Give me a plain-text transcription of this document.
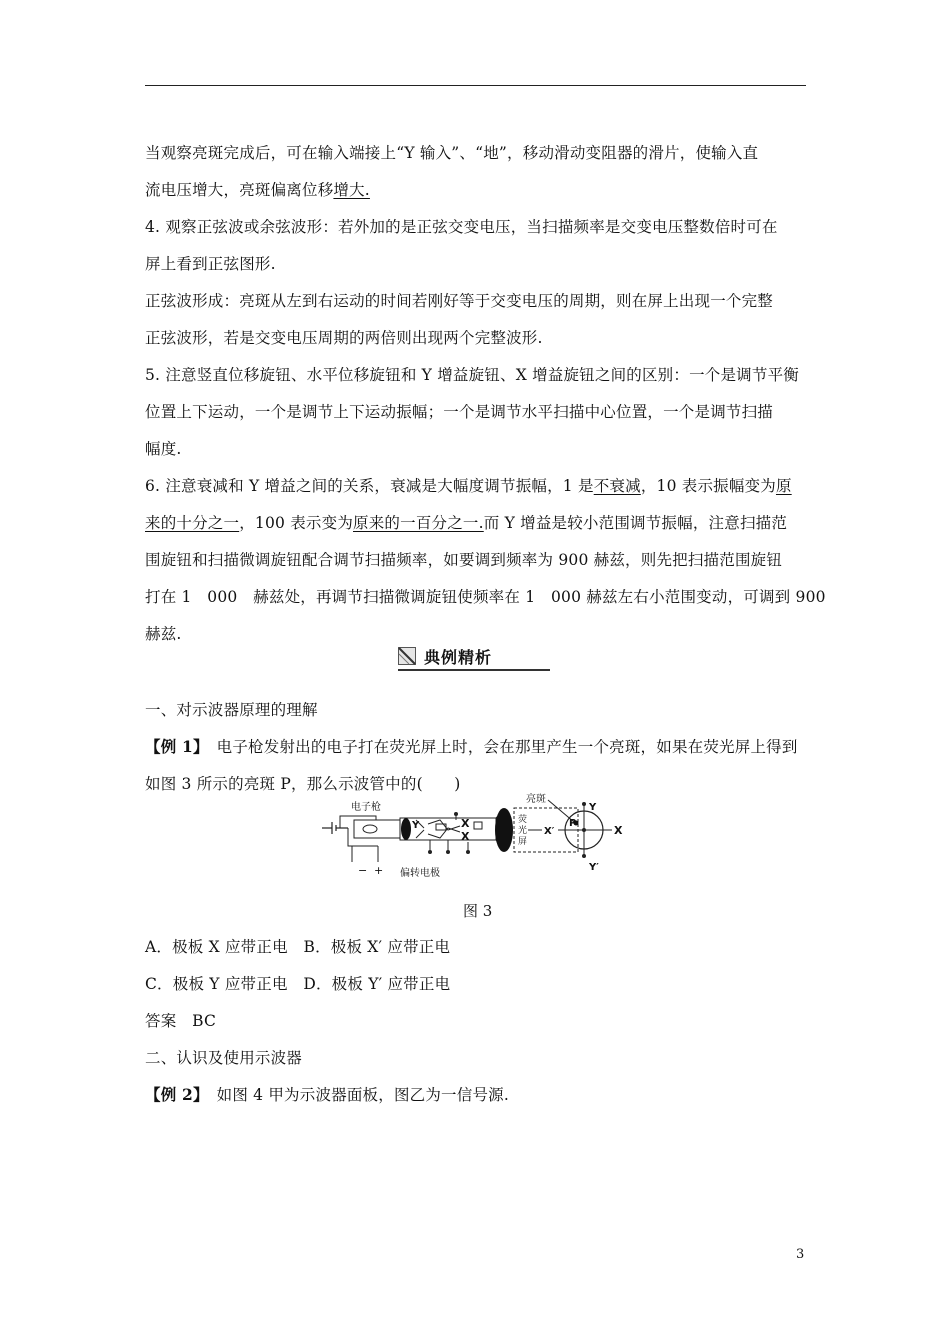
当观察亮斑完成后，可在输入端接上“Y 输入”、“地”，移动滑动变阻器的滑片，使输入直
流电压增大，亮斑偏离位移增大.
4. 观察正弦波或余弦波形：若外加的是正弦交变电压，当扫描频率是交变电压整数倍时可在
屏上看到正弦图形.
正弦波形成：亮斑从左到右运动的时间若刚好等于交变电压的周期，则在屏上出现一个完整
正弦波形，若是交变电压周期的两倍则出现两个完整波形.
5. 注意竖直位移旋钮、水平位移旋钮和 Y 增益旋钮、X 增益旋钮之间的区别：一个是调节平衡
位置上下运动，一个是调节上下运动振幅；一个是调节水平扫描中心位置，一个是调节扫描
幅度.
6. 注意衰减和 Y 增益之间的关系，衰减是大幅度调节振幅，1 是不衰减，10 表示振幅变为原
来的十分之一，100 表示变为原来的一百分之一.而 Y 增益是较小范围调节振幅，注意扫描范
围旋钮和扫描微调旋钮配合调节扫描频率，如要调到频率为 900 赫兹，则先把扫描范围旋钮
打在 1　000　赫兹处，再调节扫描微调旋钮使频率在 1　000 赫兹左右小范围变动，可调到 900
赫兹.
典例精析
一、对示波器原理的理解
【例 1】　 电子枪发射出的电子打在荧光屏上时，会在那里产生一个亮斑，如果在荧光屏上得到
如图 3 所示的亮斑 P，那么示波管中的(　　)
电子枪
Y	X
X
荧
光
屏
X′
亮斑
P
Y
Y′
X
− + 偏转电极
图 3
A．极板 X 应带正电　B．极板 X′ 应带正电
C．极板 Y 应带正电　D．极板 Y′ 应带正电
答案　BC
二、认识及使用示波器
【例 2】　 如图 4 甲为示波器面板，图乙为一信号源.
3
